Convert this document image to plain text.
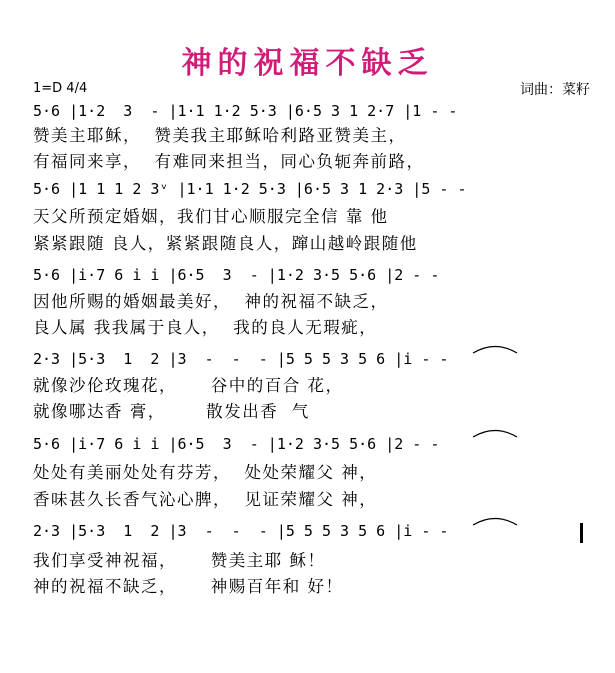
神的祝福不缺乏
1=D 4/4	词曲：菜籽
5·6 |1·2  3  - |1·1 1·2 5·3 |6·5 3 1 2·7 |1 - -
赞美主耶稣，  赞美我主耶稣哈利路亚赞美主，
有福同来享，  有难同来担当，同心负轭奔前路，
5·6 |1 1 1 2 3ᵛ |1·1 1·2 5·3 |6·5 3 1 2·3 |5 - -
天父所预定婚姻，我们甘心顺服完全信 靠 他
紧紧跟随 良人，紧紧跟随良人，蹿山越岭跟随他
5·6 |i·7 6 i i |6·5  3  - |1·2 3·5 5·6 |2 - -
因他所赐的婚姻最美好，  神的祝福不缺乏，
良人属 我我属于良人，  我的良人无瑕疵，
2·3 |5·3  1  2 |3  -  -  - |5 5 5 3 5 6 |i - -
就像沙伦玫瑰花，     谷中的百合 花，
就像哪达香 膏，      散发出香  气
5·6 |i·7 6 i i |6·5  3  - |1·2 3·5 5·6 |2 - -
处处有美丽处处有芬芳，  处处荣耀父 神，
香味甚久长香气沁心脾，  见证荣耀父 神，
2·3 |5·3  1  2 |3  -  -  - |5 5 5 3 5 6 |i - -
我们享受神祝福，     赞美主耶 稣！
神的祝福不缺乏，     神赐百年和 好！
